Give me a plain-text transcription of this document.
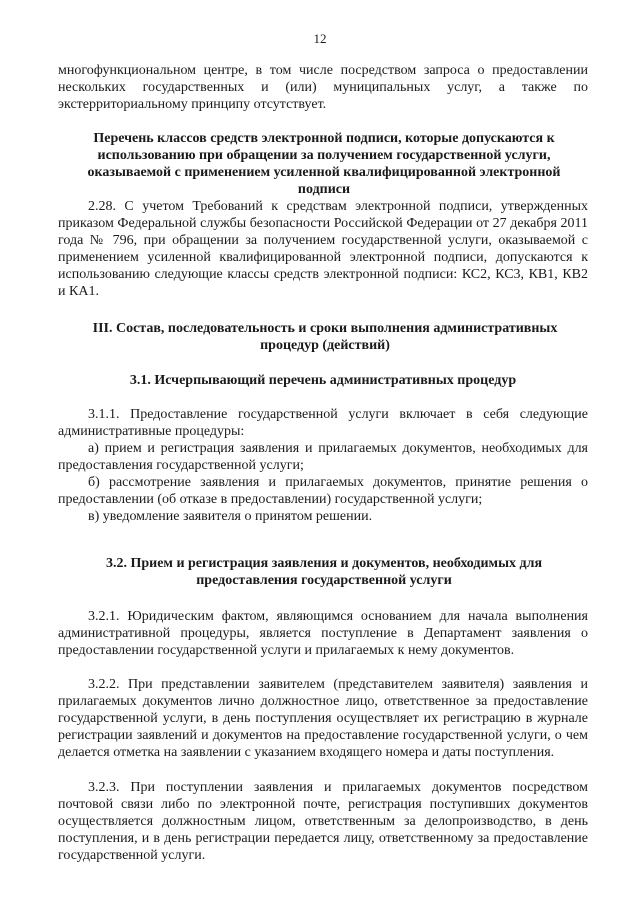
12

многофункциональном центре, в том числе посредством запроса о предоставлении нескольких государственных и (или) муниципальных услуг, а также по экстерриториальному принципу отсутствует.

Перечень классов средств электронной подписи, которые допускаются к использованию при обращении за получением государственной услуги, оказываемой с применением усиленной квалифицированной электронной подписи

2.28. С учетом Требований к средствам электронной подписи, утвержденных приказом Федеральной службы безопасности Российской Федерации от 27 декабря 2011 года № 796, при обращении за получением государственной услуги, оказываемой с применением усиленной квалифицированной электронной подписи, допускаются к использованию следующие классы средств электронной подписи: КС2, КС3, КВ1, КВ2 и КА1.

III. Состав, последовательность и сроки выполнения административных процедур (действий)

3.1. Исчерпывающий перечень административных процедур

3.1.1. Предоставление государственной услуги включает в себя следующие административные процедуры:

а) прием и регистрация заявления и прилагаемых документов, необходимых для предоставления государственной услуги;

б) рассмотрение заявления и прилагаемых документов, принятие решения о предоставлении (об отказе в предоставлении) государственной услуги;

в) уведомление заявителя о принятом решении.

3.2. Прием и регистрация заявления и документов, необходимых для предоставления государственной услуги

3.2.1. Юридическим фактом, являющимся основанием для начала выполнения административной процедуры, является поступление в Департамент заявления о предоставлении государственной услуги и прилагаемых к нему документов.

3.2.2. При представлении заявителем (представителем заявителя) заявления и прилагаемых документов лично должностное лицо, ответственное за предоставление государственной услуги, в день поступления осуществляет их регистрацию в журнале регистрации заявлений и документов на предоставление государственной услуги, о чем делается отметка на заявлении с указанием входящего номера и даты поступления.

3.2.3. При поступлении заявления и прилагаемых документов посредством почтовой связи либо по электронной почте, регистрация поступивших документов осуществляется должностным лицом, ответственным за делопроизводство, в день поступления, и в день регистрации передается лицу, ответственному за предоставление государственной услуги.
